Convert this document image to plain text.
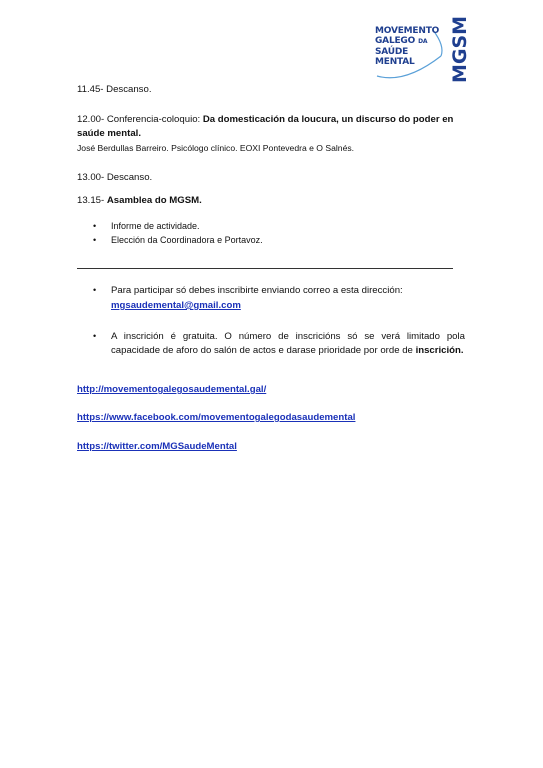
MOVEMENTO
GALEGO DA
SAÚDE MENTAL	MGSM
11.45- Descanso.
12.00- Conferencia-coloquio: Da domesticación da loucura, un discurso do poder en
saúde mental.
José Berdullas Barreiro. Psicólogo clínico. EOXI Pontevedra e O Salnés.
13.00- Descanso.
13.15- Asamblea do MGSM.
• Informe de actividade.
• Elección da Coordinadora e Portavoz.
• Para participar só debes inscribirte enviando correo a esta dirección:
mgsaudemental@gmail.com
• A inscrición é gratuita. O número de inscricións só se verá limitado pola capacidade de aforo do salón de actos e darase prioridade por orde de inscrición.
http://movementogalegosaudemental.gal/
https://www.facebook.com/movementogalegodasaudemental
https://twitter.com/MGSaudeMental
